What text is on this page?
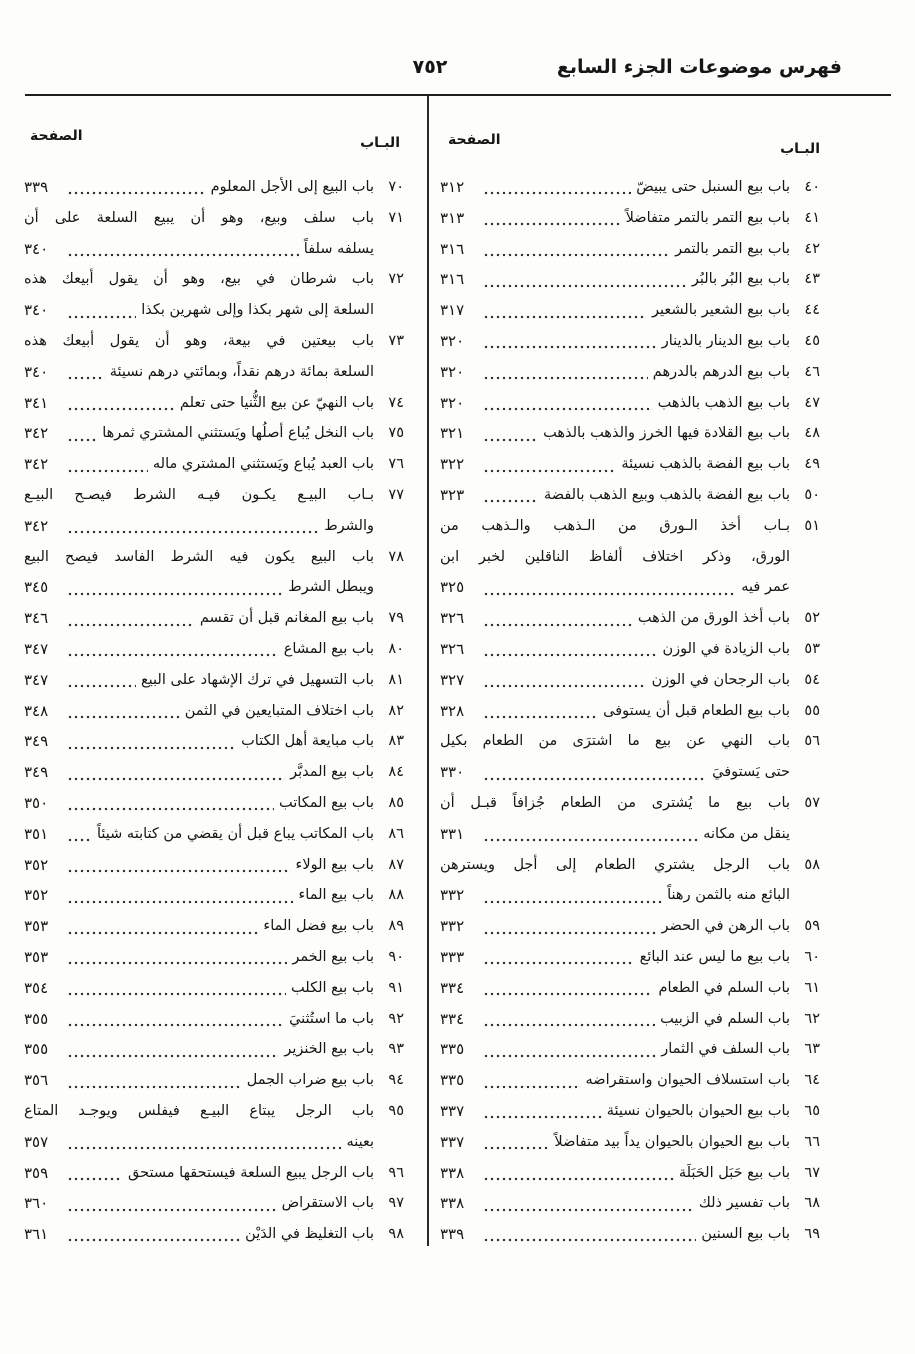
فهرس موضوعات الجزء السابع
٧٥٢
البـاب
الصفحة
٤٠
باب بيع السنبل حتى يبيضّ
٣١٢
٤١
باب بيع التمر بالتمر متفاضلاً
٣١٣
٤٢
باب بيع التمر بالتمر
٣١٦
٤٣
باب بيع البُر بالبُر
٣١٦
٤٤
باب بيع الشعير بالشعير
٣١٧
٤٥
باب بيع الدينار بالدينار
٣٢٠
٤٦
باب بيع الدرهم بالدرهم
٣٢٠
٤٧
باب بيع الذهب بالذهب
٣٢٠
٤٨
باب بيع القلادة فيها الخرز والذهب بالذهب
٣٢١
٤٩
باب بيع الفضة بالذهب نسيئة
٣٢٢
٥٠
باب بيع الفضة بالذهب وبيع الذهب بالفضة
٣٢٣
٥١
بـاب أخذ الـورق من الـذهب والـذهب من
الورق، وذكر اختلاف ألفاظ الناقلين لخبر ابن
عمر فيه
٣٢٥
٥٢
باب أخذ الورق من الذهب
٣٢٦
٥٣
باب الزيادة في الوزن
٣٢٦
٥٤
باب الرجحان في الوزن
٣٢٧
٥٥
باب بيع الطعام قبل أن يستوفى
٣٢٨
٥٦
باب النهي عن بيع ما اشترَى من الطعام بكيل
حتى يَستوفيَ
٣٣٠
٥٧
باب بيع ما يُشترى من الطعام جُزافاً قبـل أن
ينقل من مكانه
٣٣١
٥٨
باب الرجل يشتري الطعام إلى أجل ويسترهن
البائع منه بالثمن رهناً
٣٣٢
٥٩
باب الرهن في الحضر
٣٣٢
٦٠
باب بيع ما ليس عند البائع
٣٣٣
٦١
باب السلم في الطعام
٣٣٤
٦٢
باب السلم في الزبيب
٣٣٤
٦٣
باب السلف في الثمار
٣٣٥
٦٤
باب استسلاف الحيوان واستقراضه
٣٣٥
٦٥
باب بيع الحيوان بالحيوان نسيئة
٣٣٧
٦٦
باب بيع الحيوان بالحيوان يداً بيد متفاضلاً
٣٣٧
٦٧
باب بيع حَبَل الحَبَلَة
٣٣٨
٦٨
باب تفسير ذلك
٣٣٨
٦٩
باب بيع السنين
٣٣٩
البـاب
الصفحة
٧٠
باب البيع إلى الأجل المعلوم
٣٣٩
٧١
باب سلف وبيع، وهو أن يبيع السلعة على أن
يسلفه سلفاً
٣٤٠
٧٢
باب شرطان في بيع، وهو أن يقول أبيعك هذه
السلعة إلى شهر بكذا وإلى شهرين بكذا
٣٤٠
٧٣
باب بيعتين في بيعة، وهو أن يقول أبيعك هذه
السلعة بمائة درهم نقداً، وبمائتي درهم نسيئة
٣٤٠
٧٤
باب النهيّ عن بيع الثُّنيا حتى تعلم
٣٤١
٧٥
باب النخل يُباع أصلُها ويَستثني المشتري ثمرها
٣٤٢
٧٦
باب العبد يُباع ويَستثني المشتري ماله
٣٤٢
٧٧
بـاب البيـع يكـون فيـه الشرط فيصـح البيـع
والشرط
٣٤٢
٧٨
باب البيع يكون فيه الشرط الفاسد فيصح البيع
ويبطل الشرط
٣٤٥
٧٩
باب بيع المغانم قبل أن تقسم
٣٤٦
٨٠
باب بيع المشاع
٣٤٧
٨١
باب التسهيل في ترك الإشهاد على البيع
٣٤٧
٨٢
باب اختلاف المتبايعين في الثمن
٣٤٨
٨٣
باب مبايعة أهل الكتاب
٣٤٩
٨٤
باب بيع المدبَّر
٣٤٩
٨٥
باب بيع المكاتب
٣٥٠
٨٦
باب المكاتب يباع قبل أن يقضي من كتابته شيئاً
٣٥١
٨٧
باب بيع الولاء
٣٥٢
٨٨
باب بيع الماء
٣٥٢
٨٩
باب بيع فضل الماء
٣٥٣
٩٠
باب بيع الخمر
٣٥٣
٩١
باب بيع الكلب
٣٥٤
٩٢
باب ما استُثنيَ
٣٥٥
٩٣
باب بيع الخنزير
٣٥٥
٩٤
باب بيع ضراب الجمل
٣٥٦
٩٥
باب الرجل يبتاع البيـع فيفلس ويوجـد المتاع
بعينه
٣٥٧
٩٦
باب الرجل يبيع السلعة فيستحقها مستحق
٣٥٩
٩٧
باب الاستقراض
٣٦٠
٩٨
باب التغليظ في الدَيْن
٣٦١
